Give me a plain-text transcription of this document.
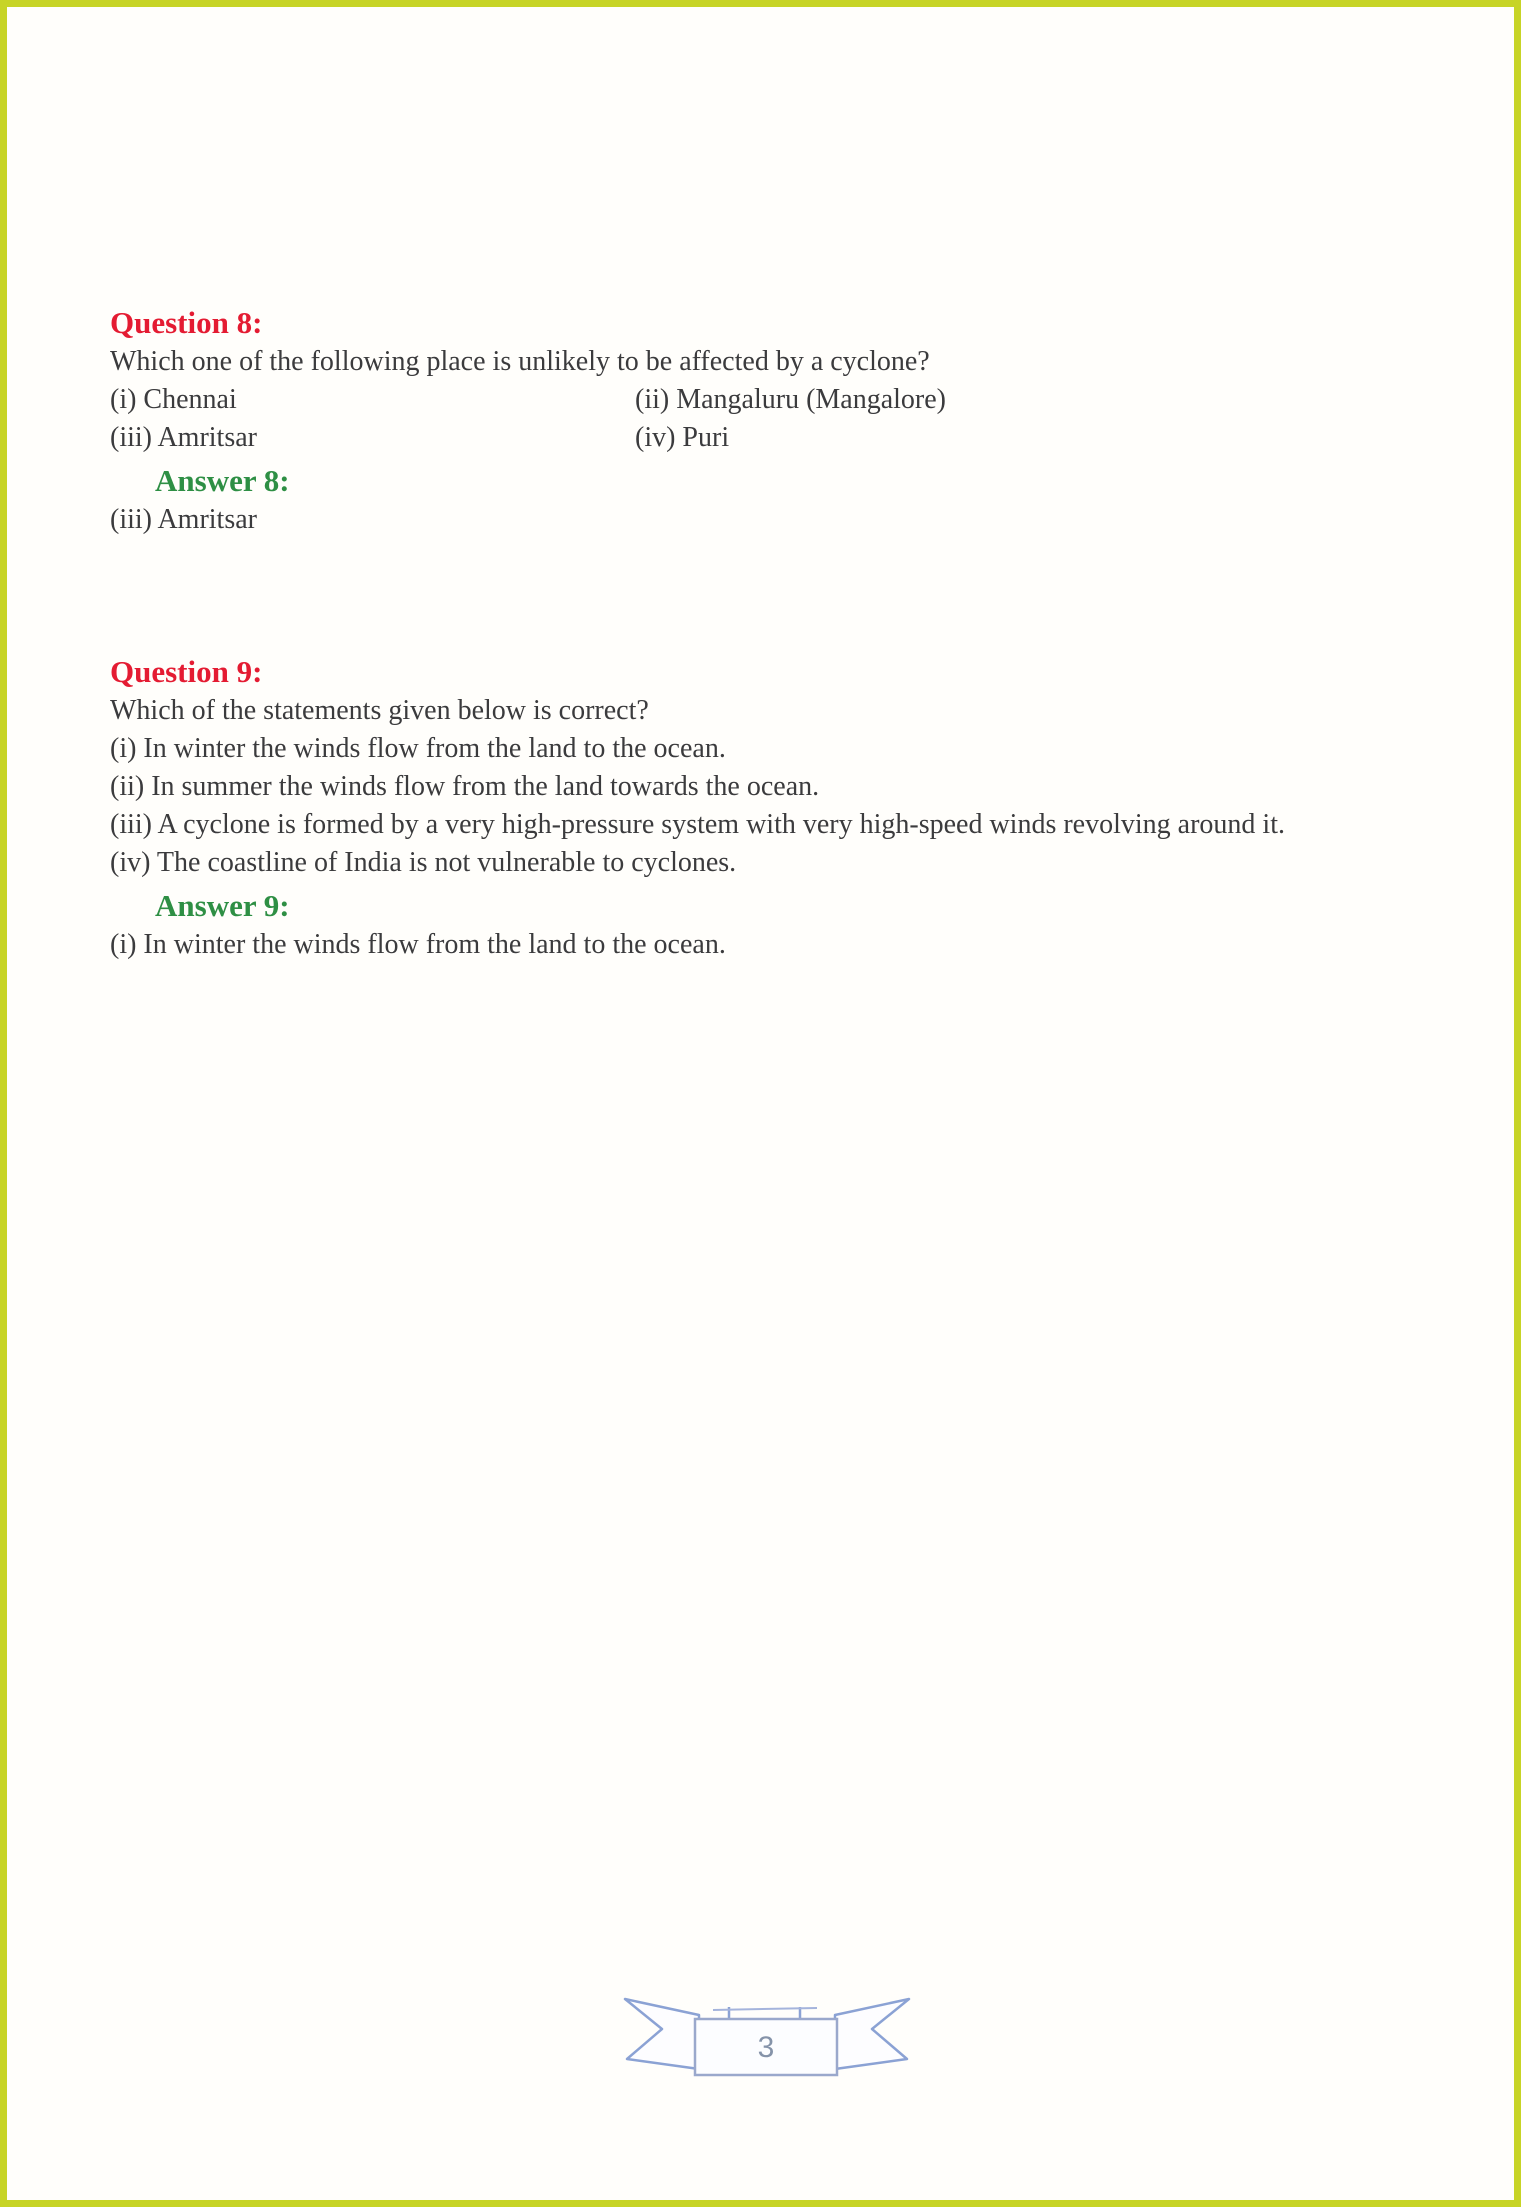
Question 8:
Which one of the following place is unlikely to be affected by a cyclone?
(i) Chennai	(ii) Mangaluru (Mangalore)
(iii) Amritsar	(iv) Puri
Answer 8:
(iii) Amritsar
Question 9:
Which of the statements given below is correct?
(i) In winter the winds flow from the land to the ocean.
(ii) In summer the winds flow from the land towards the ocean.
(iii) A cyclone is formed by a very high-pressure system with very high-speed winds revolving around it.
(iv) The coastline of India is not vulnerable to cyclones.
Answer 9:
(i) In winter the winds flow from the land to the ocean.
3
